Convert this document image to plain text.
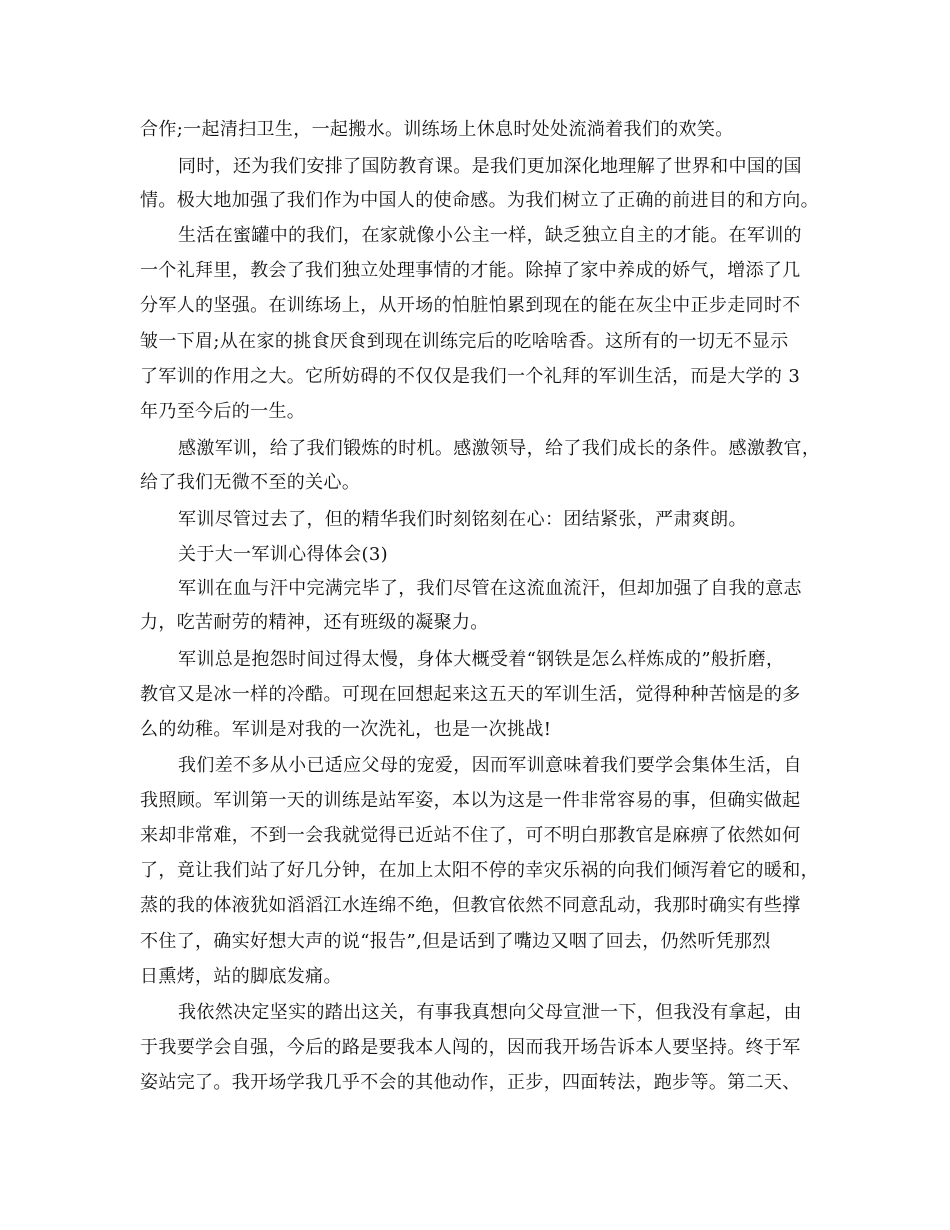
合作;一起清扫卫生，一起搬水。训练场上休息时处处流淌着我们的欢笑。
同时，还为我们安排了国防教育课。是我们更加深化地理解了世界和中国的国
情。极大地加强了我们作为中国人的使命感。为我们树立了正确的前进目的和方向。
生活在蜜罐中的我们，在家就像小公主一样，缺乏独立自主的才能。在军训的
一个礼拜里，教会了我们独立处理事情的才能。除掉了家中养成的娇气，增添了几
分军人的坚强。在训练场上，从开场的怕脏怕累到现在的能在灰尘中正步走同时不
皱一下眉;从在家的挑食厌食到现在训练完后的吃啥啥香。这所有的一切无不显示
了军训的作用之大。它所妨碍的不仅仅是我们一个礼拜的军训生活，而是大学的 3
年乃至今后的一生。
感激军训，给了我们锻炼的时机。感激领导，给了我们成长的条件。感激教官，
给了我们无微不至的关心。
军训尽管过去了，但的精华我们时刻铭刻在心：团结紧张，严肃爽朗。
关于大一军训心得体会(3)
军训在血与汗中完满完毕了，我们尽管在这流血流汗，但却加强了自我的意志
力，吃苦耐劳的精神，还有班级的凝聚力。
军训总是抱怨时间过得太慢，身体大概受着“钢铁是怎么样炼成的”般折磨，
教官又是冰一样的冷酷。可现在回想起来这五天的军训生活，觉得种种苦恼是的多
么的幼稚。军训是对我的一次洗礼，也是一次挑战!
我们差不多从小已适应父母的宠爱，因而军训意味着我们要学会集体生活，自
我照顾。军训第一天的训练是站军姿，本以为这是一件非常容易的事，但确实做起
来却非常难，不到一会我就觉得已近站不住了，可不明白那教官是麻痹了依然如何
了，竟让我们站了好几分钟，在加上太阳不停的幸灾乐祸的向我们倾泻着它的暖和，
蒸的我的体液犹如滔滔江水连绵不绝，但教官依然不同意乱动，我那时确实有些撑
不住了，确实好想大声的说“报告”,但是话到了嘴边又咽了回去，仍然听凭那烈
日熏烤，站的脚底发痛。
我依然决定坚实的踏出这关，有事我真想向父母宣泄一下，但我没有拿起，由
于我要学会自强，今后的路是要我本人闯的，因而我开场告诉本人要坚持。终于军
姿站完了。我开场学我几乎不会的其他动作，正步，四面转法，跑步等。第二天、
